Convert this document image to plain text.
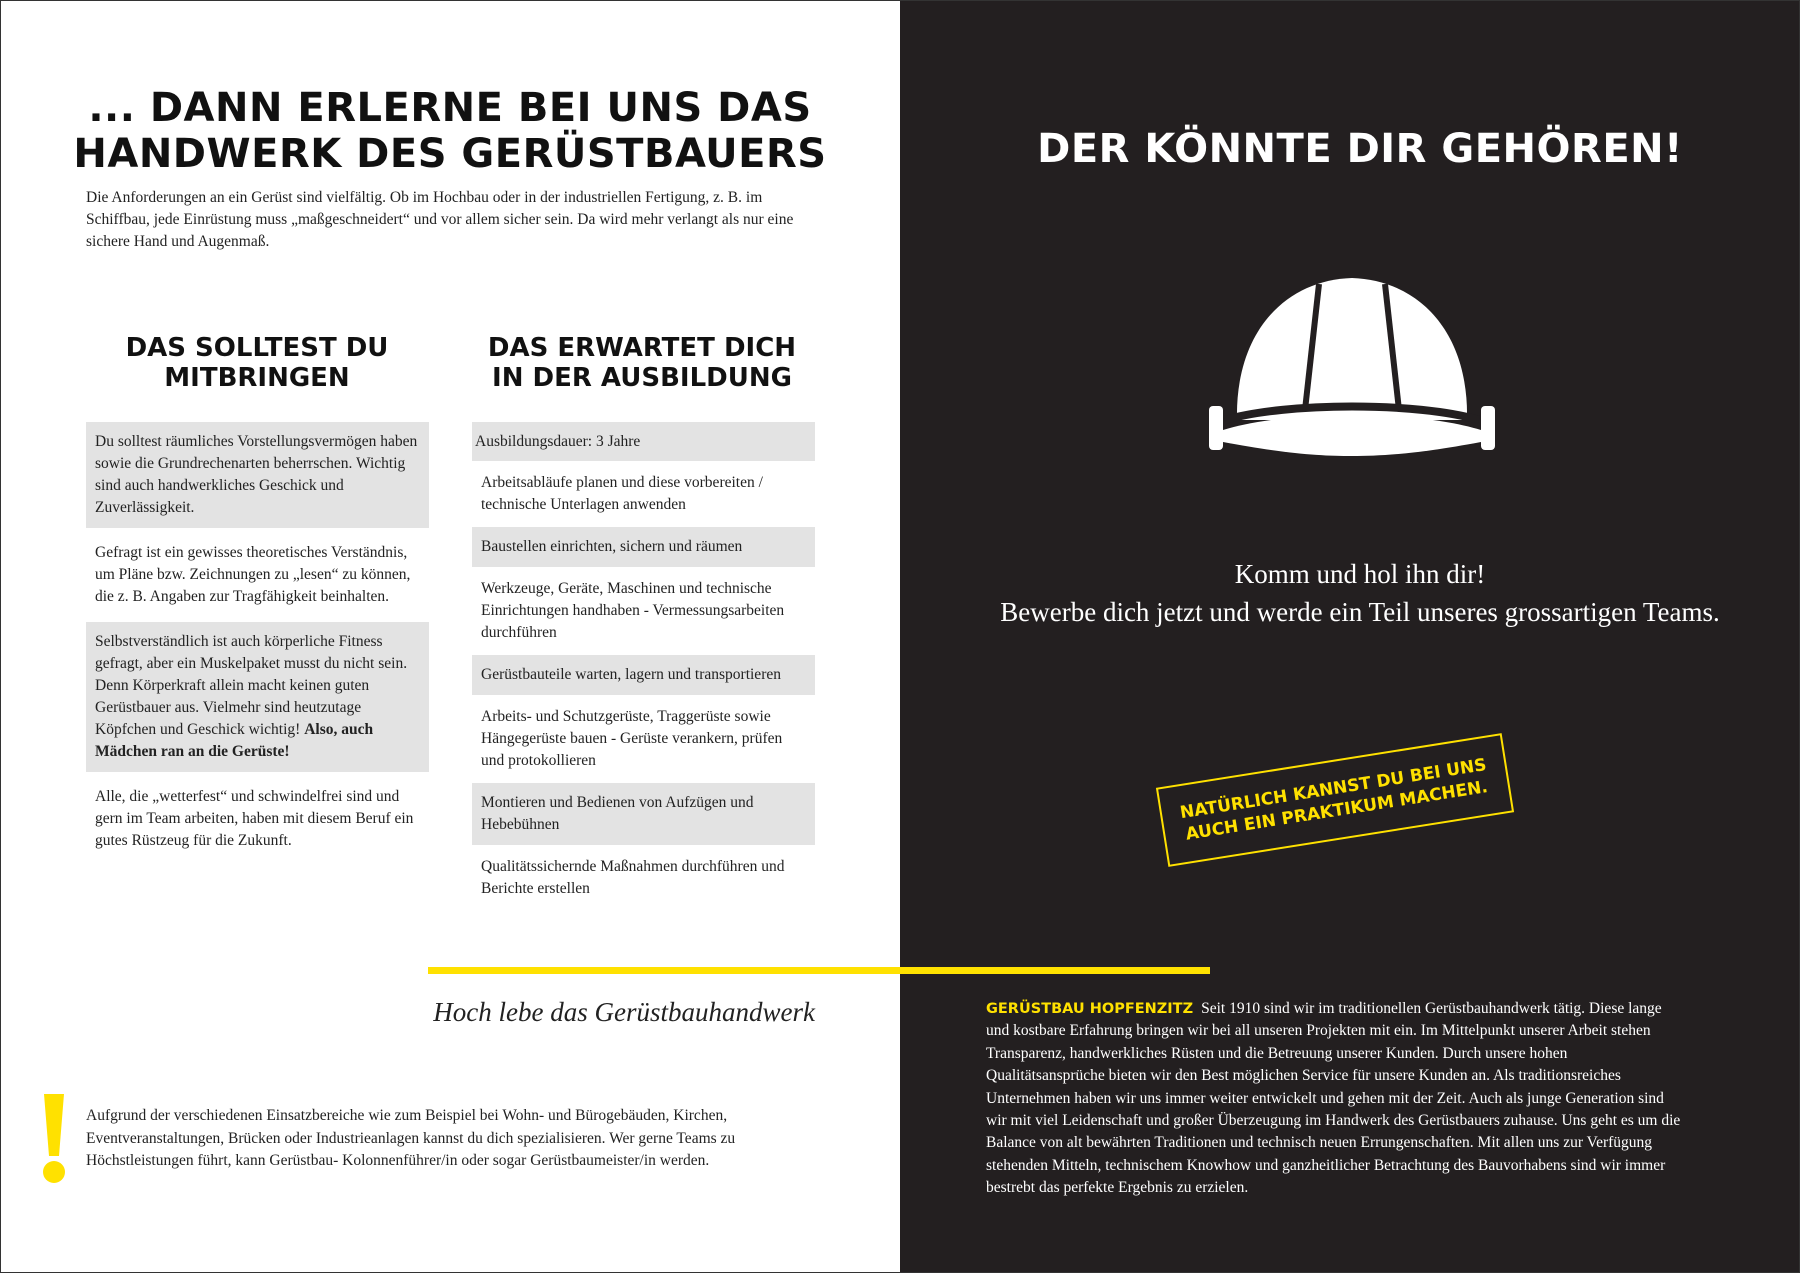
... DANN ERLERNE BEI UNS DAS HANDWERK DES GERÜSTBAUERS

Die Anforderungen an ein Gerüst sind vielfältig. Ob im Hochbau oder in der industriellen Fertigung, z. B. im Schiffbau, jede Einrüstung muss „maßgeschneidert“ und vor allem sicher sein. Da wird mehr verlangt als nur eine sichere Hand und Augenmaß.

DAS SOLLTEST DU MITBRINGEN
DAS ERWARTET DICH IN DER AUSBILDUNG
Du solltest räumliches Vorstellungsvermögen haben sowie die Grundrechenarten beherrschen. Wichtig sind auch handwerkliches Geschick und Zuverlässigkeit.
Gefragt ist ein gewisses theoretisches Verständnis, um Pläne bzw. Zeichnungen zu „lesen“ zu können, die z. B. Angaben zur Tragfähigkeit beinhalten.
Selbstverständlich ist auch körperliche Fitness gefragt, aber ein Muskelpaket musst du nicht sein. Denn Körperkraft allein macht keinen guten Gerüstbauer aus. Vielmehr sind heutzutage Köpfchen und Geschick wichtig! Also, auch Mädchen ran an die Gerüste!
Alle, die „wetterfest“ und schwindelfrei sind und gern im Team arbeiten, haben mit diesem Beruf ein gutes Rüstzeug für die Zukunft.
Ausbildungsdauer: 3 Jahre
Arbeitsabläufe planen und diese vorbereiten / technische Unterlagen anwenden
Baustellen einrichten, sichern und räumen
Werkzeuge, Geräte, Maschinen und technische Einrichtungen handhaben - Vermessungsarbeiten durchführen
Gerüstbauteile warten, lagern und transportieren
Arbeits- und Schutzgerüste, Traggerüste sowie Hängegerüste bauen - Gerüste verankern, prüfen und protokollieren
Montieren und Bedienen von Aufzügen und Hebebühnen
Qualitätssichernde Maßnahmen durchführen und Berichte erstellen

Hoch lebe das Gerüstbauhandwerk

Aufgrund der verschiedenen Einsatzbereiche wie zum Beispiel bei Wohn- und Bürogebäuden, Kirchen, Eventveranstaltungen, Brücken oder Industrieanlagen kannst du dich spezialisieren. Wer gerne Teams zu Höchstleistungen führt, kann Gerüstbau- Kolonnenführer/in oder sogar Gerüstbaumeister/in werden.

DER KÖNNTE DIR GEHÖREN!
Komm und hol ihn dir!
Bewerbe dich jetzt und werde ein Teil unseres grossartigen Teams.
NATÜRLICH KANNST DU BEI UNS AUCH EIN PRAKTIKUM MACHEN.

GERÜSTBAU HOPFENZITZ Seit 1910 sind wir im traditionellen Gerüstbauhandwerk tätig. Diese lange und kostbare Erfahrung bringen wir bei all unseren Projekten mit ein. Im Mittelpunkt unserer Arbeit stehen Transparenz, handwerkliches Rüsten und die Betreuung unserer Kunden. Durch unsere hohen Qualitätsansprüche bieten wir den Best möglichen Service für unsere Kunden an. Als traditionsreiches Unternehmen haben wir uns immer weiter entwickelt und gehen mit der Zeit. Auch als junge Generation sind wir mit viel Leidenschaft und großer Überzeugung im Handwerk des Gerüstbauers zuhause. Uns geht es um die Balance von alt bewährten Traditionen und technisch neuen Errungenschaften. Mit allen uns zur Verfügung stehenden Mitteln, technischem Knowhow und ganzheitlicher Betrachtung des Bauvorhabens sind wir immer bestrebt das perfekte Ergebnis zu erzielen.
